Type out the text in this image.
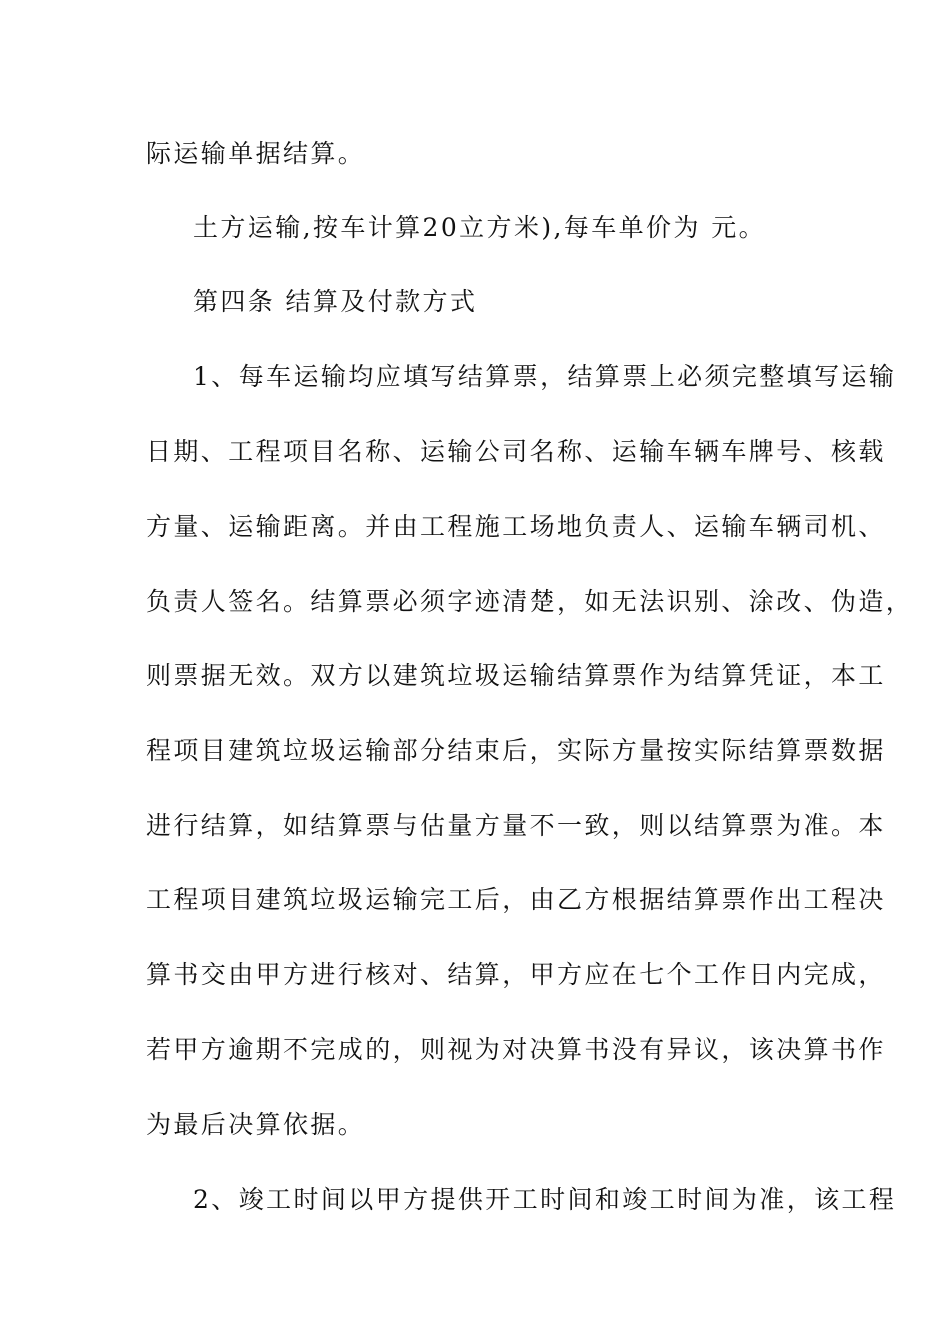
际运输单据结算。
土方运输,按车计算20立方米),每车单价为 元。
第四条 结算及付款方式
1、每车运输均应填写结算票，结算票上必须完整填写运输
日期、工程项目名称、运输公司名称、运输车辆车牌号、核载
方量、运输距离。并由工程施工场地负责人、运输车辆司机、
负责人签名。结算票必须字迹清楚，如无法识别、涂改、伪造，
则票据无效。双方以建筑垃圾运输结算票作为结算凭证，本工
程项目建筑垃圾运输部分结束后，实际方量按实际结算票数据
进行结算，如结算票与估量方量不一致，则以结算票为准。本
工程项目建筑垃圾运输完工后，由乙方根据结算票作出工程决
算书交由甲方进行核对、结算，甲方应在七个工作日内完成，
若甲方逾期不完成的，则视为对决算书没有异议，该决算书作
为最后决算依据。
2、竣工时间以甲方提供开工时间和竣工时间为准，该工程
